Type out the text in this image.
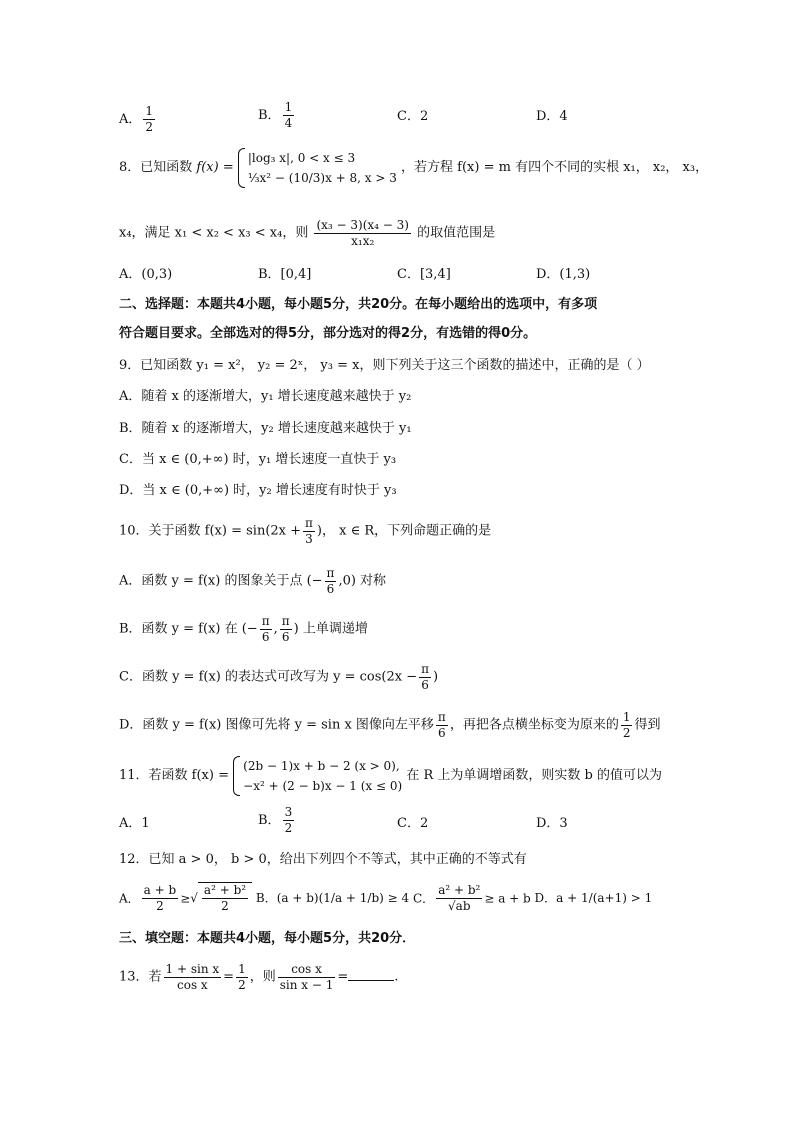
A． $\frac{1}{2}$	B． $\frac{1}{4}$	C．2	D．4
8．已知函数 f(x) =
|log₃ x|, 0 < x ≤ 3
⅓x² − (10/3)x + 8, x > 3
，若方程 f(x) = m 有四个不同的实根 x₁， x₂， x₃，
x₄，满足 x₁ < x₂ < x₃ < x₄，则 $\frac{\text{(x₃ − 3)(x₄ − 3)}}{\text{x₁x₂}}$ 的取值范围是
A．(0,3)	B．[0,4]	C．[3,4]	D．(1,3)
二、选择题：本题共4小题，每小题5分，共20分。在每小题给出的选项中，有多项
符合题目要求。全部选对的得5分，部分选对的得2分，有选错的得0分。
9．已知函数 y₁ = x²， y₂ = 2ˣ， y₃ = x，则下列关于这三个函数的描述中，正确的是（ ）
A．随着 x 的逐渐增大，y₁ 增长速度越来越快于 y₂
B．随着 x 的逐渐增大，y₂ 增长速度越来越快于 y₁
C．当 x ∈ (0,+∞) 时，y₁ 增长速度一直快于 y₃
D．当 x ∈ (0,+∞) 时，y₂ 增长速度有时快于 y₃
10．关于函数 $f(x) = \sin(2x + \frac{\pi}{3}$ )， x ∈ R，下列命题正确的是
A．函数 y = f(x) 的图象关于点 (− $\frac{\pi}{6} ,0$) 对称
B．函数 y = f(x) 在 (− $\frac{\pi}{6}$ , $\frac{\pi}{6}$ ) 上单调递增
C．函数 y = f(x) 的表达式可改写为 $y = \cos(2x - \frac{\pi}{6}$ )
D．函数 y = f(x) 图像可先将 y = sin x 图像向左平移 $\frac{\pi}{6}$ ，再把各点横坐标变为原来的 $\frac{1}{2}$ 得到
11．若函数 f(x) =
(2b − 1)x + b − 2 (x > 0),
−x² + (2 − b)x − 1 (x ≤ 0)
在 R 上为单调增函数，则实数 b 的值可以为
A．1	B． $\frac{3}{2}$	C．2	D．3
12．已知 a > 0， b > 0，给出下列四个不等式，其中正确的不等式有
A． $\frac{a + b}{2}$ ≥√ $\frac{\text{a² + b²}}{2}$ B．(a + b)(1/a + 1/b) ≥ 4 C． $\frac{\text{a² + b²}}{√ab} \ge a + b$ D．a + 1/(a+1) > 1
三、填空题：本题共4小题，每小题5分，共20分．
13．若 $\frac{\text{1 + sin x}}{\text{cos x}} = \frac{1}{2}$ ，则 $\frac{\text{cos x}}{\text{sin x − 1}}$ =	.
